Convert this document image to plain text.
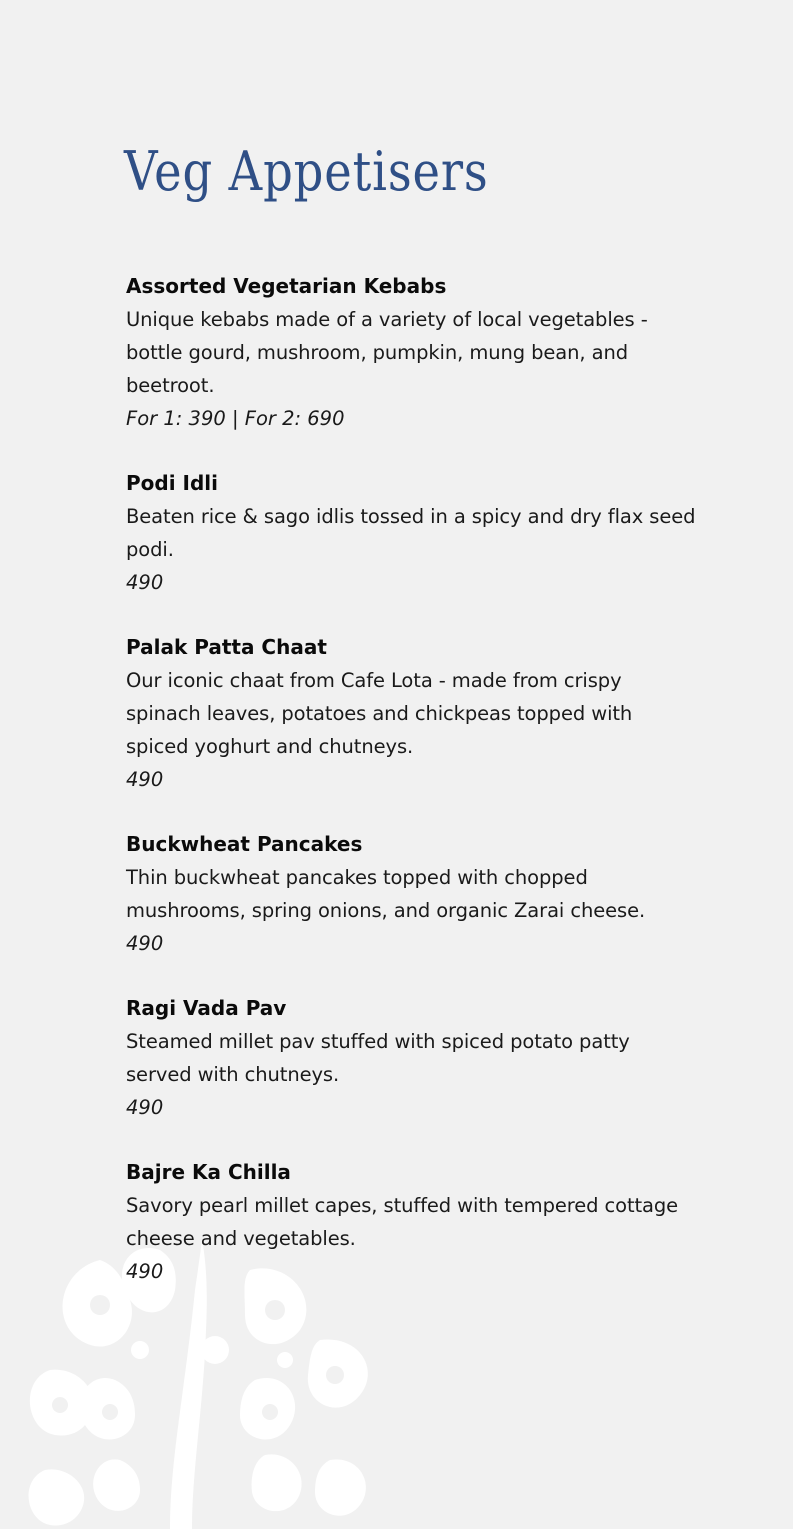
Veg Appetisers

Assorted Vegetarian Kebabs

Unique kebabs made of a variety of local vegetables - bottle gourd, mushroom, pumpkin, mung bean, and beetroot.

For 1: 390 | For 2: 690

Podi Idli

Beaten rice & sago idlis tossed in a spicy and dry flax seed podi.

490

Palak Patta Chaat

Our iconic chaat from Cafe Lota - made from crispy spinach leaves, potatoes and chickpeas topped with spiced yoghurt and chutneys.

490

Buckwheat Pancakes

Thin buckwheat pancakes topped with chopped mushrooms, spring onions, and organic Zarai cheese.

490

Ragi Vada Pav

Steamed millet pav stuffed with spiced potato patty served with chutneys.

490

Bajre Ka Chilla

Savory pearl millet capes, stuffed with tempered cottage cheese and vegetables.

490
